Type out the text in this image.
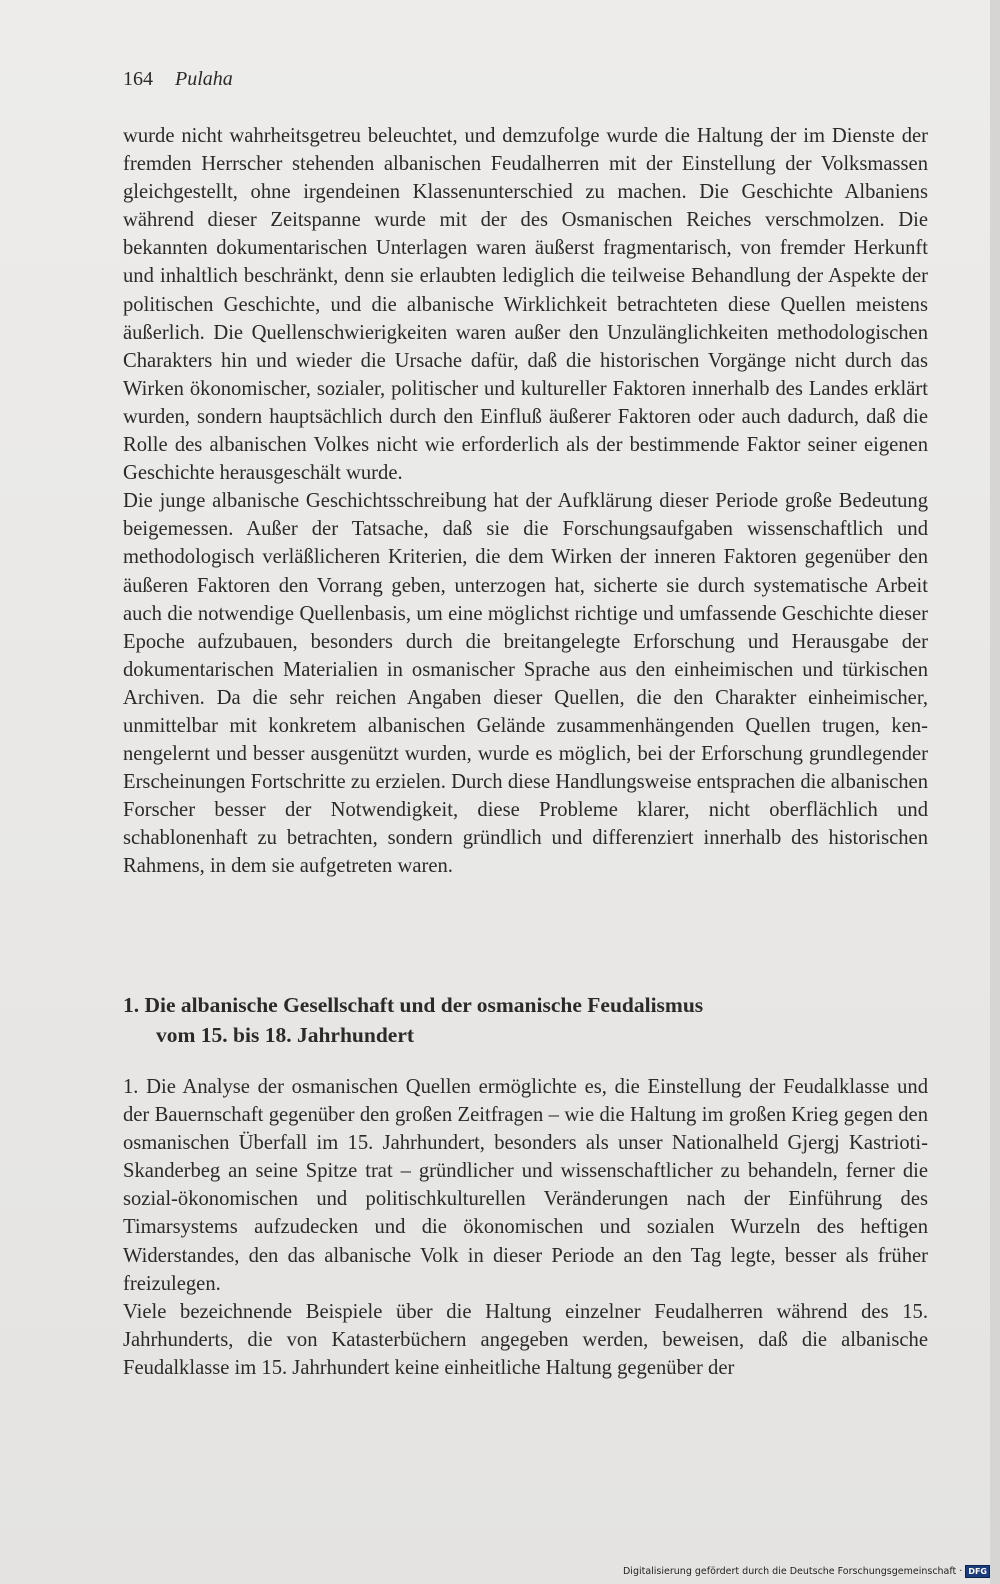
164 Pulaha

wurde nicht wahrheitsgetreu beleuchtet, und demzufolge wurde die Haltung der im Dienste der fremden Herrscher stehenden albanischen Feudalherren mit der Einstellung der Volksmassen gleichgestellt, ohne irgendeinen Klassenunterschied zu machen. Die Geschichte Albaniens während dieser Zeitspanne wurde mit der des Osmanischen Reiches verschmolzen. Die bekannten dokumentarischen Unterlagen waren äußerst fragmentarisch, von fremder Herkunft und inhaltlich beschränkt, denn sie erlaubten lediglich die teilweise Behandlung der Aspekte der politischen Geschichte, und die albanische Wirklichkeit betrachteten diese Quellen meistens äußerlich. Die Quellenschwierigkeiten waren außer den Unzulänglichkeiten methodologischen Charakters hin und wieder die Ursache dafür, daß die historischen Vorgänge nicht durch das Wirken ökonomischer, sozialer, politischer und kultureller Faktoren innerhalb des Landes erklärt wurden, sondern hauptsächlich durch den Einfluß äußerer Faktoren oder auch dadurch, daß die Rolle des albanischen Volkes nicht wie erforderlich als der bestimmende Faktor seiner eigenen Geschichte herausgeschält wurde.

Die junge albanische Geschichtsschreibung hat der Aufklärung dieser Periode große Bedeutung beigemessen. Außer der Tatsache, daß sie die Forschungsaufgaben wissenschaftlich und methodologisch verläßlicheren Kriterien, die dem Wirken der inneren Faktoren gegenüber den äußeren Faktoren den Vorrang geben, unterzogen hat, sicherte sie durch systematische Arbeit auch die notwendige Quellenbasis, um eine möglichst richtige und umfassende Geschichte dieser Epoche aufzubauen, besonders durch die breitangelegte Erforschung und Herausgabe der dokumentarischen Materialien in osmanischer Sprache aus den einheimischen und türkischen Archiven. Da die sehr reichen Angaben dieser Quellen, die den Charakter einheimischer, unmittelbar mit konkretem albanischen Gelände zusammenhängenden Quellen trugen, kennengelernt und besser ausgenützt wurden, wurde es möglich, bei der Erforschung grundlegender Erscheinungen Fortschritte zu erzielen. Durch diese Handlungsweise entsprachen die albanischen Forscher besser der Notwendigkeit, diese Probleme klarer, nicht oberflächlich und schablonenhaft zu betrachten, sondern gründlich und differenziert innerhalb des historischen Rahmens, in dem sie aufgetreten waren.

1. Die albanische Gesellschaft und der osmanische Feudalismus
vom 15. bis 18. Jahrhundert

1. Die Analyse der osmanischen Quellen ermöglichte es, die Einstellung der Feudalklasse und der Bauernschaft gegenüber den großen Zeitfragen – wie die Haltung im großen Krieg gegen den osmanischen Überfall im 15. Jahrhundert, besonders als unser Nationalheld Gjergj Kastrioti-Skanderbeg an seine Spitze trat – gründlicher und wissenschaftlicher zu behandeln, ferner die sozial-ökonomischen und politischkulturellen Veränderungen nach der Einführung des Timarsystems aufzudecken und die ökonomischen und sozialen Wurzeln des heftigen Widerstandes, den das albanische Volk in dieser Periode an den Tag legte, besser als früher freizulegen.

Viele bezeichnende Beispiele über die Haltung einzelner Feudalherren während des 15. Jahrhunderts, die von Katasterbüchern angegeben werden, beweisen, daß die albanische Feudalklasse im 15. Jahrhundert keine einheitliche Haltung gegenüber der

Digitalisierung gefördert durch die Deutsche Forschungsgemeinschaft · DFG
